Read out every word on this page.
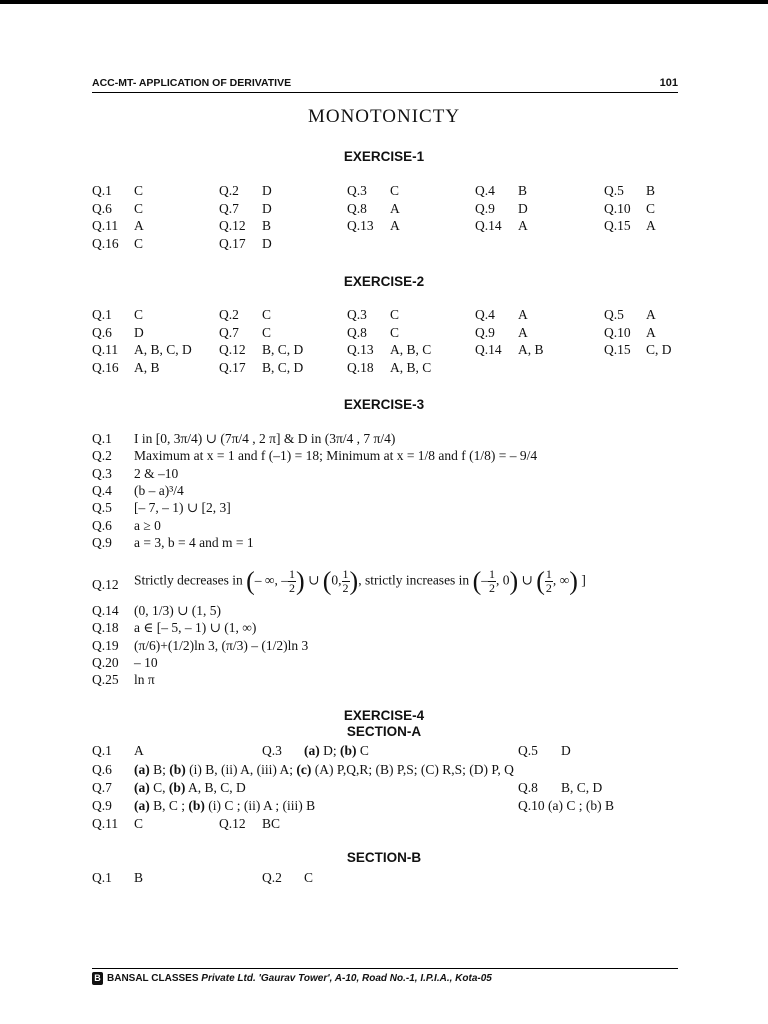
ACC-MT- APPLICATION OF DERIVATIVE	101
MONOTONICTY
EXERCISE-1
Q.1 C	Q.2 D	Q.3 C	Q.4 B	Q.5 B
Q.6 C	Q.7 D	Q.8 A	Q.9 D	Q.10 C
Q.11 A	Q.12 B	Q.13 A	Q.14 A	Q.15 A
Q.16 C	Q.17 D
EXERCISE-2
Q.1 C	Q.2 C	Q.3 C	Q.4 A	Q.5 A
Q.6 D	Q.7 C	Q.8 C	Q.9 A	Q.10 A
Q.11 A, B, C, D Q.12 B, C, D	Q.13 A, B, C	Q.14 A, B	Q.15 C, D
Q.16 A, B	Q.17 B, C, D	Q.18 A, B, C
EXERCISE-3
Q.1 I in [0, 3π/4) ∪ (7π/4 , 2 π] & D in (3π/4 , 7 π/4)
Q.2 Maximum at x = 1 and f (–1) = 18; Minimum at x = 1/8 and f (1/8) = – 9/4
Q.3 2 & –10
Q.4 (b – a)³/4
Q.5 [– 7, – 1) ∪ [2, 3]
Q.6 a ≥ 0
Q.9 a = 3, b = 4 and m = 1
Q.12 Strictly decreases in (– ∞, – $\frac{1}{2}$ ) ∪ (0, $\frac{1}{2}$ ), strictly increases in (– $\frac{1}{2}$ , 0) ∪ ( $\frac{1}{2}$ , ∞) ]
Q.14 (0, 1/3) ∪ (1, 5)
Q.18 a ∈ [– 5, – 1) ∪ (1, ∞)
Q.19 (π/6)+(1/2)ln 3, (π/3) – (1/2)ln 3
Q.20 – 10
Q.25 ln π
EXERCISE-4
SECTION-A
Q.1 A	Q.3 (a) D; (b) C	Q.5 D
Q.6 (a) B; (b) (i) B, (ii) A, (iii) A; (c) (A) P,Q,R; (B) P,S; (C) R,S; (D) P, Q
Q.7 (a) C, (b) A, B, C, D	Q.8 B, C, D
Q.9 (a) B, C ; (b) (i) C ; (ii) A ; (iii) B	Q.10 (a) C ; (b) B
Q.11 C	Q.12 BC
SECTION-B
Q.1 B	Q.2 C
B BANSAL CLASSES Private Ltd. 'Gaurav Tower', A-10, Road No.-1, I.P.I.A., Kota-05
